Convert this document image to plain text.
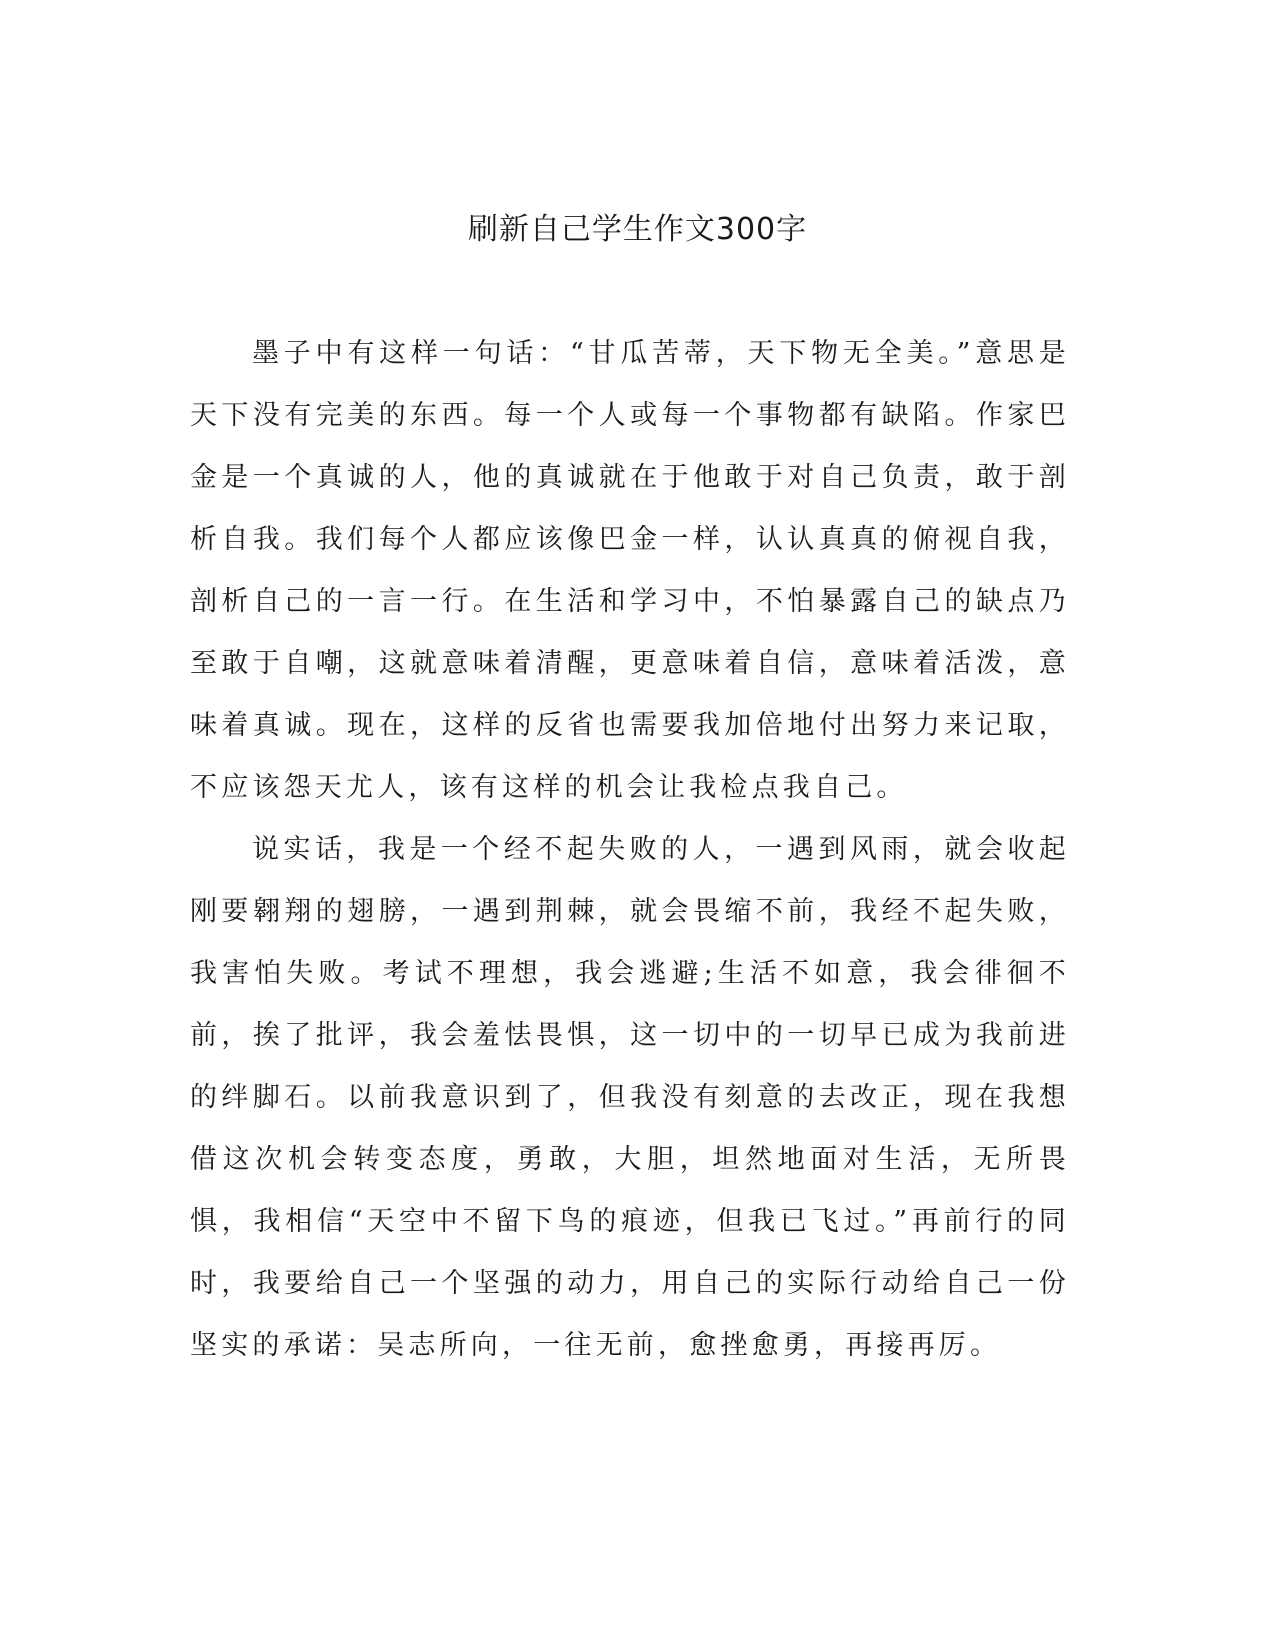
刷新自己学生作文300字

墨子中有这样一句话：“甘瓜苦蒂，天下物无全美。”意思是天下没有完美的东西。每一个人或每一个事物都有缺陷。作家巴金是一个真诚的人，他的真诚就在于他敢于对自己负责，敢于剖析自我。我们每个人都应该像巴金一样，认认真真的俯视自我，剖析自己的一言一行。在生活和学习中，不怕暴露自己的缺点乃至敢于自嘲，这就意味着清醒，更意味着自信，意味着活泼，意味着真诚。现在，这样的反省也需要我加倍地付出努力来记取，不应该怨天尤人，该有这样的机会让我检点我自己。

说实话，我是一个经不起失败的人，一遇到风雨，就会收起刚要翱翔的翅膀，一遇到荆棘，就会畏缩不前，我经不起失败，我害怕失败。考试不理想，我会逃避;生活不如意，我会徘徊不前，挨了批评，我会羞怯畏惧，这一切中的一切早已成为我前进的绊脚石。以前我意识到了，但我没有刻意的去改正，现在我想借这次机会转变态度，勇敢，大胆，坦然地面对生活，无所畏惧，我相信“天空中不留下鸟的痕迹，但我已飞过。”再前行的同时，我要给自己一个坚强的动力，用自己的实际行动给自己一份坚实的承诺：吴志所向，一往无前，愈挫愈勇，再接再厉。
